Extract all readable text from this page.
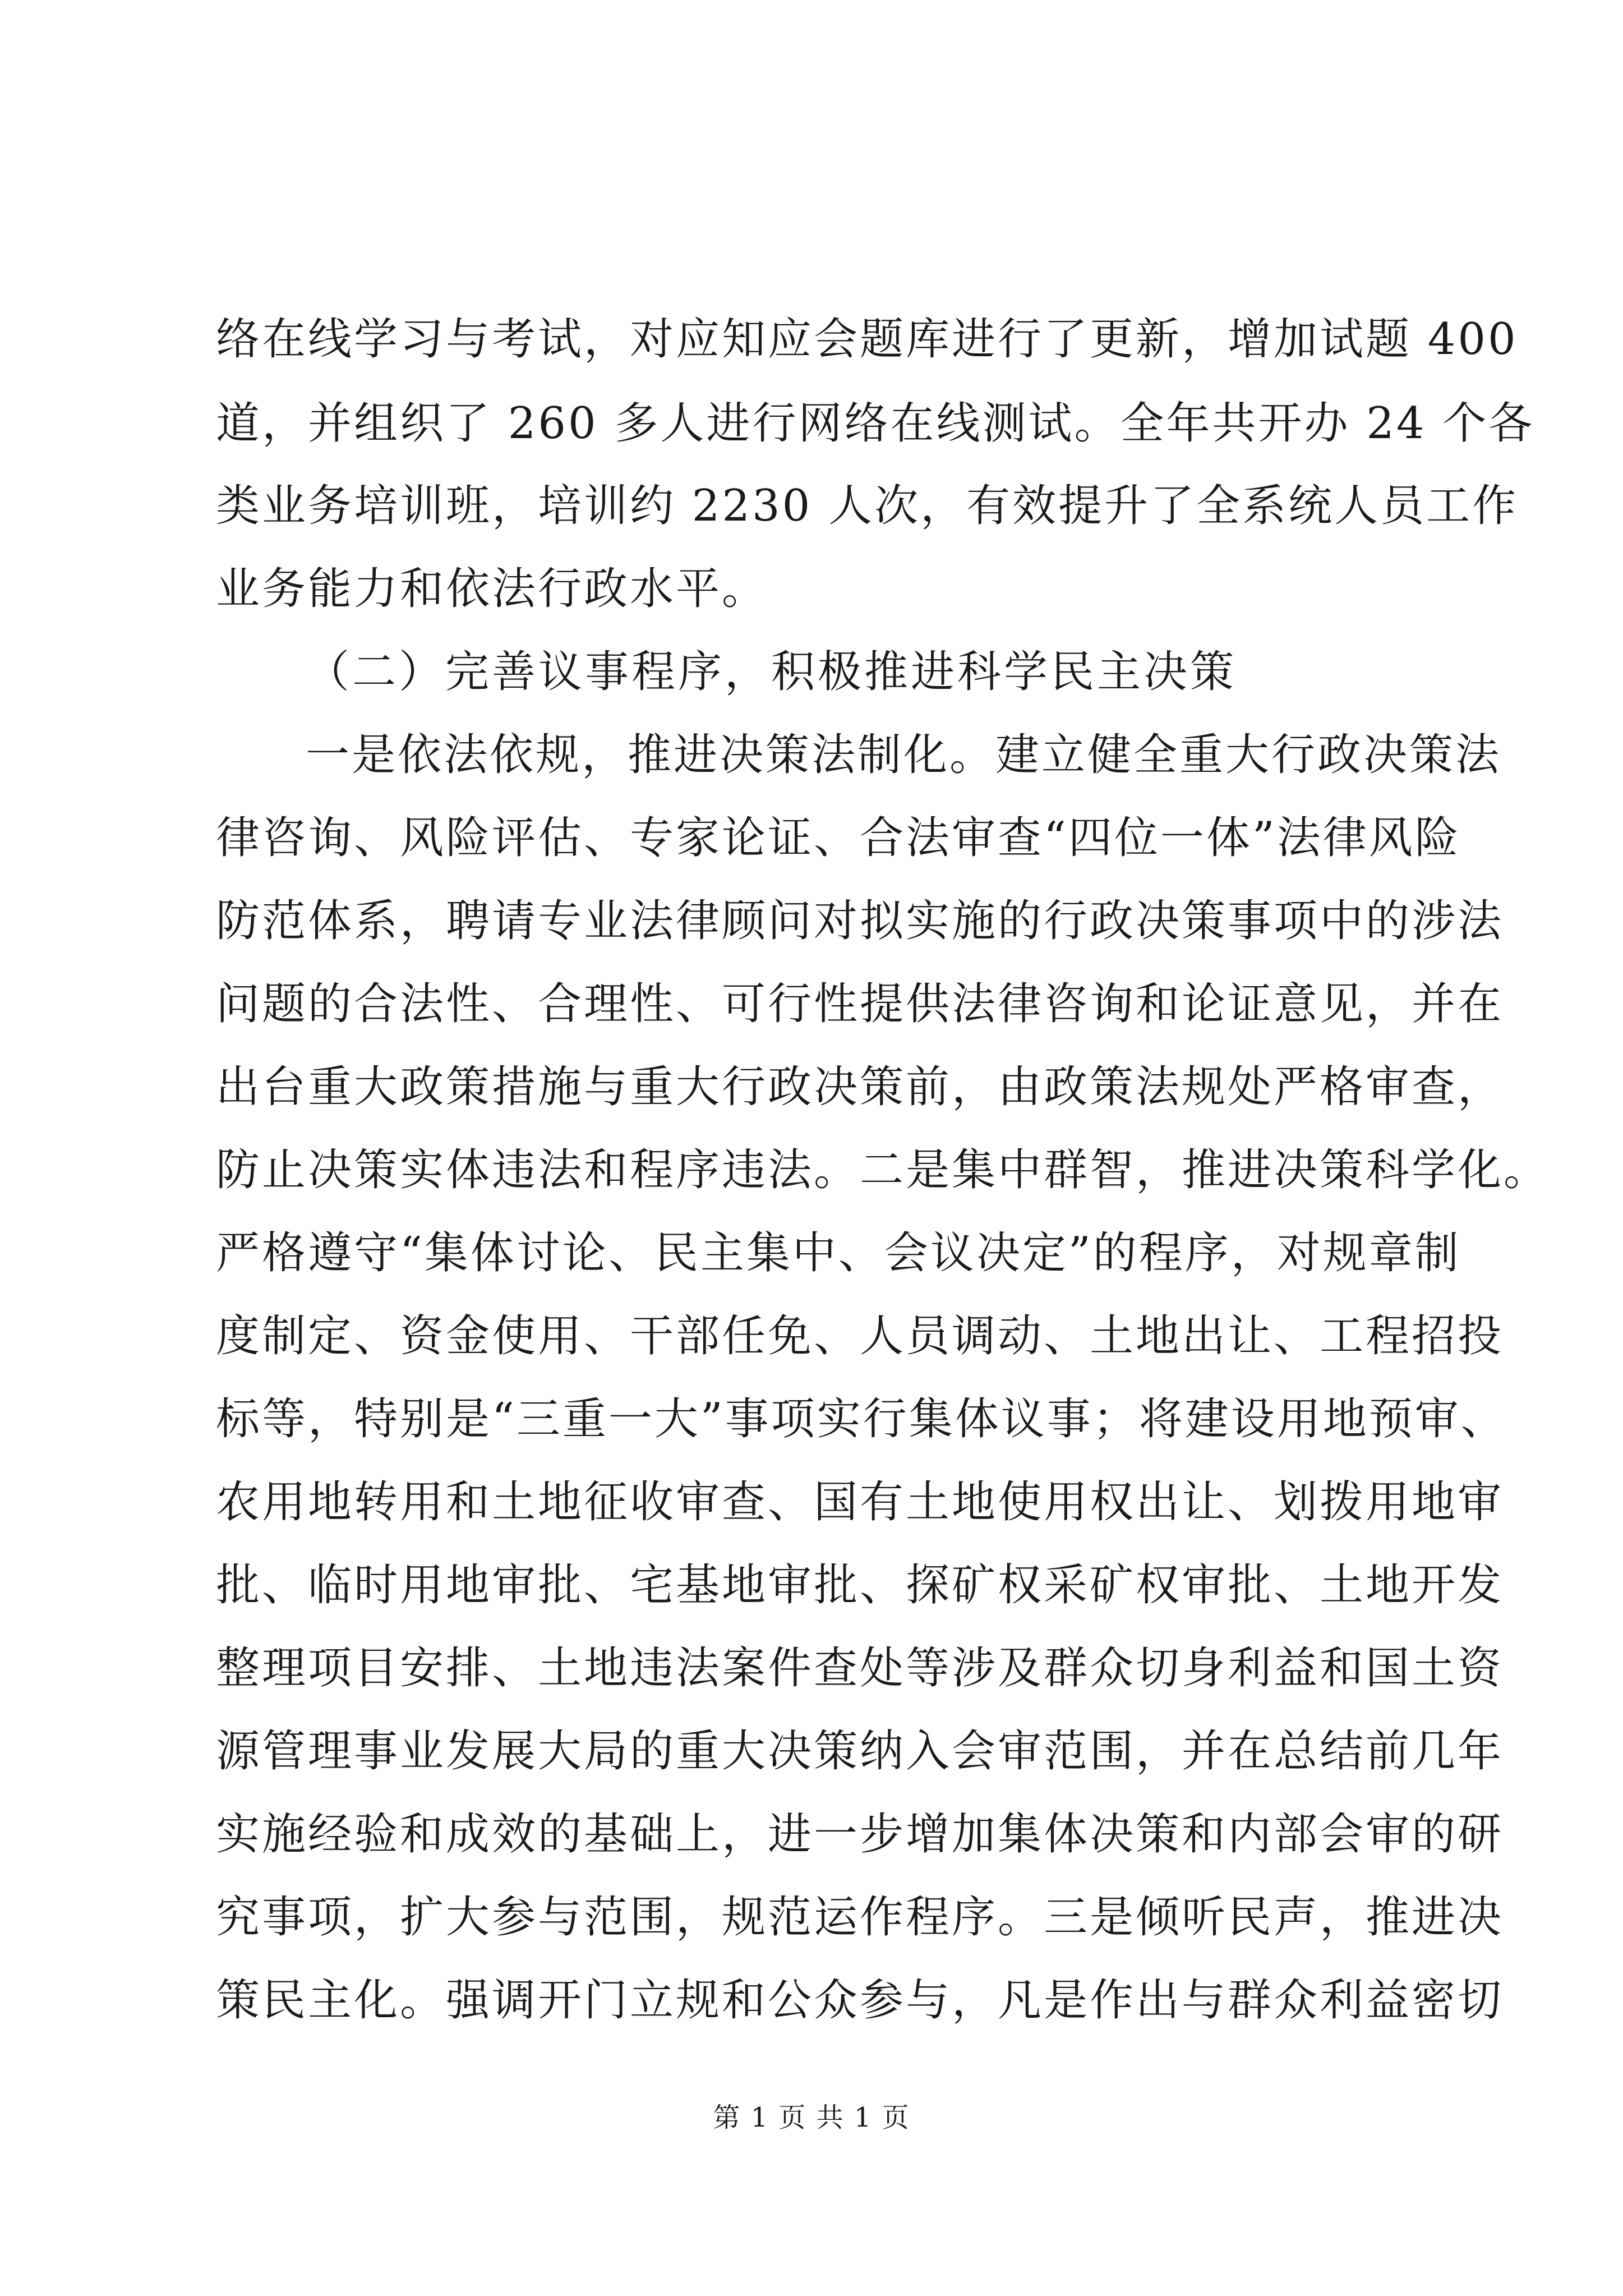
络在线学习与考试，对应知应会题库进行了更新，增加试题 400
道，并组织了 260 多人进行网络在线测试。全年共开办 24 个各
类业务培训班，培训约 2230 人次，有效提升了全系统人员工作
业务能力和依法行政水平。
（二）完善议事程序，积极推进科学民主决策
一是依法依规，推进决策法制化。建立健全重大行政决策法
律咨询、风险评估、专家论证、合法审查“四位一体”法律风险
防范体系，聘请专业法律顾问对拟实施的行政决策事项中的涉法
问题的合法性、合理性、可行性提供法律咨询和论证意见，并在
出台重大政策措施与重大行政决策前，由政策法规处严格审查，
防止决策实体违法和程序违法。二是集中群智，推进决策科学化。
严格遵守“集体讨论、民主集中、会议决定”的程序，对规章制
度制定、资金使用、干部任免、人员调动、土地出让、工程招投
标等，特别是“三重一大”事项实行集体议事；将建设用地预审、
农用地转用和土地征收审查、国有土地使用权出让、划拨用地审
批、临时用地审批、宅基地审批、探矿权采矿权审批、土地开发
整理项目安排、土地违法案件查处等涉及群众切身利益和国土资
源管理事业发展大局的重大决策纳入会审范围，并在总结前几年
实施经验和成效的基础上，进一步增加集体决策和内部会审的研
究事项，扩大参与范围，规范运作程序。三是倾听民声，推进决
策民主化。强调开门立规和公众参与，凡是作出与群众利益密切
第 1 页 共 1 页
